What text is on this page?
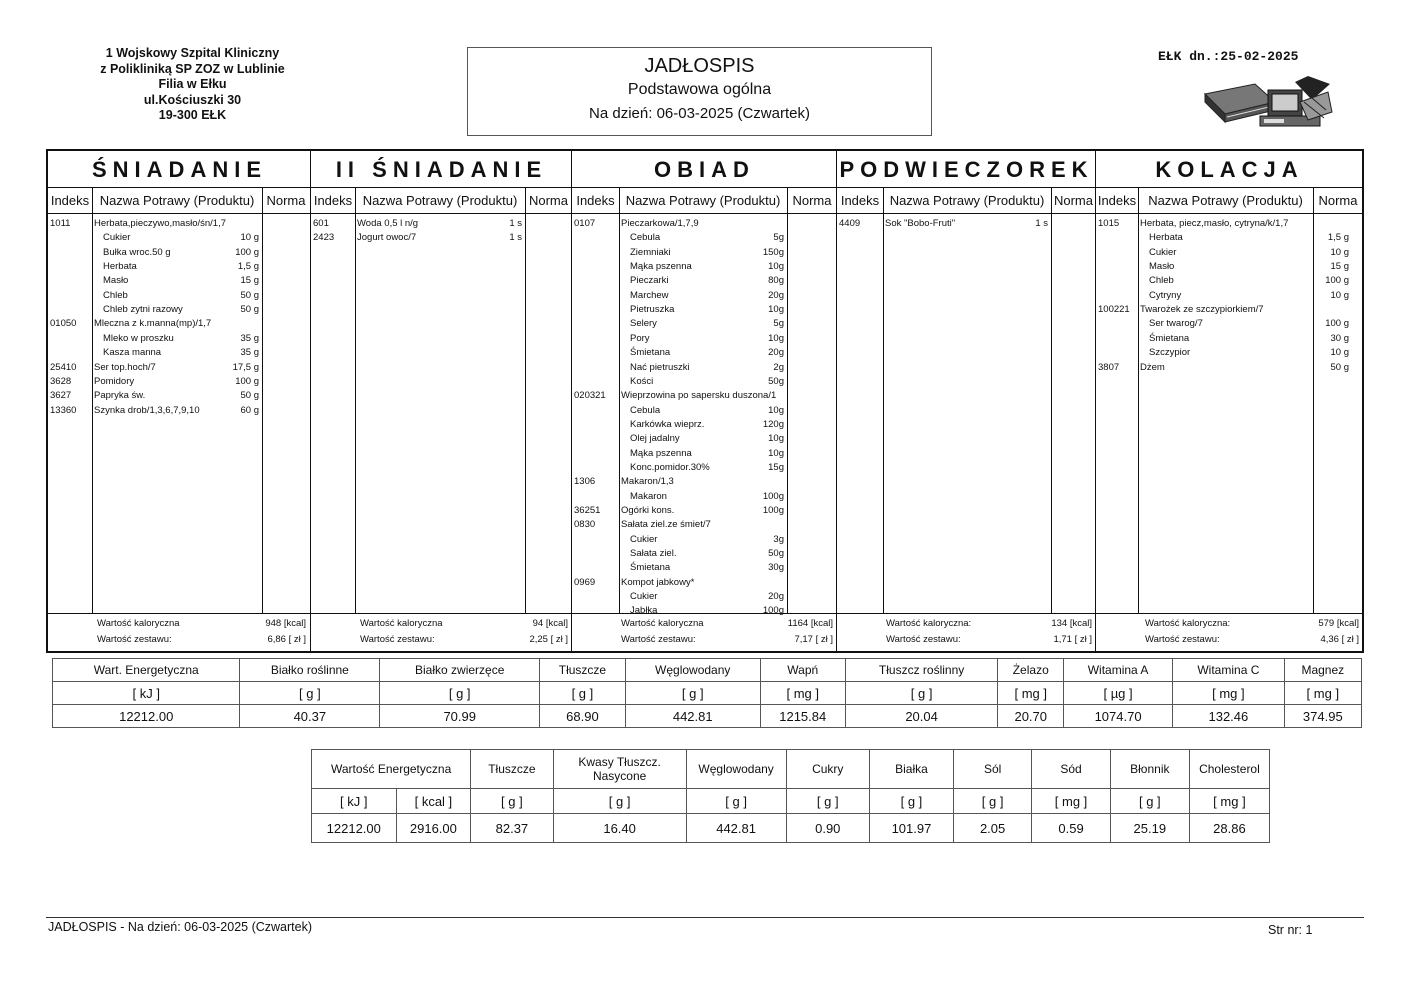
1 Wojskowy Szpital Kliniczny
z Polikliniką SP ZOZ w Lublinie
Filia w Ełku
ul.Kościuszki 30
19-300 EŁK
JADŁOSPIS
Podstawowa ogólna
Na dzień: 06-03-2025 (Czwartek)
EŁK dn.:25-02-2025
ŚNIADANIE
Indeks Nazwa Potrawy (Produktu) Norma
1011 Herbata,pieczywo,masło/śn/1,7
Cukier	10 g
Bułka wroc.50 g	100 g
Herbata	1,5 g
Masło	15 g
Chleb	50 g
Chleb zytni razowy	50 g
01050 Mleczna z k.manna(mp)/1,7
Mleko w proszku	35 g
Kasza manna	35 g
25410 Ser top.hoch/7	17,5 g
3628 Pomidory	100 g
3627 Papryka św.	50 g
13360 Szynka drob/1,3,6,7,9,10	60 g
Wartość kaloryczna	948 [kcal]
Wartość zestawu:	6,86 [ zł ]
II ŚNIADANIE
Indeks Nazwa Potrawy (Produktu) Norma
601	Woda 0,5 l n/g	1 s
2423 Jogurt owoc/7	1 s
Wartość kaloryczna	94 [kcal]
Wartość zestawu:	2,25 [ zł ]
OBIAD
Indeks Nazwa Potrawy (Produktu) Norma
0107	Pieczarkowa/1,7,9
Cebula	5g
Ziemniaki	150g
Mąka pszenna	10g
Pieczarki	80g
Marchew	20g
Pietruszka	10g
Selery	5g
Pory	10g
Śmietana	20g
Nać pietruszki	2g
Kości	50g
020321 Wieprzowina po sapersku duszona/1
Cebula	10g
Karkówka wieprz.	120g
Olej jadalny	10g
Mąka pszenna	10g
Konc.pomidor.30%	15g
1306	Makaron/1,3
Makaron	100g
36251 Ogórki kons.	100g
0830	Sałata ziel.ze śmiet/7
Cukier	3g
Sałata ziel.	50g
Śmietana	30g
0969	Kompot jabkowy*
Cukier	20g
Jabłka	100g
Wartość kaloryczna	1164 [kcal]
Wartość zestawu:	7,17 [ zł ]
PODWIECZOREK
Indeks Nazwa Potrawy (Produktu) Norma
4409	Sok "Bobo-Fruti"	1 s
Wartość kaloryczna:	134 [kcal]
Wartość zestawu:	1,71 [ zł ]
KOLACJA
Indeks Nazwa Potrawy (Produktu)	Norma
1015 Herbata, piecz,masło, cytryna/k/1,7
Herbata	1,5 g
Cukier	10 g
Masło	15 g
Chleb	100 g
Cytryny	10 g
100221 Twarożek ze szczypiorkiem/7
Ser twarog/7	100 g
Śmietana	30 g
Szczypior	10 g
3807 Dżem	50 g
Wartość kaloryczna:	579 [kcal]
Wartość zestawu:	4,36 [ zł ]
Wart. Energetyczna	Białko roślinne	Białko zwierzęce	Tłuszcze	Węglowodany	Wapń	Tłuszcz roślinny	Żelazo	Witamina A	Witamina C	Magnez
[ kJ ]	[ g ]	[ g ]	[ g ]	[ g ]	[ mg ]	[ g ]	[ mg ]	[ µg ]	[ mg ]	[ mg ]
12212.00	40.37	70.99	68.90	442.81	1215.84	20.04	20.70	1074.70	132.46	374.95
Wartość Energetyczna		Tłuszcze	Kwasy Tłuszcz. Nasycone	Węglowodany	Cukry	Białka	Sól	Sód	Błonnik	Cholesterol
[ kJ ]	[ kcal ]	[ g ]	[ g ]	[ g ]	[ g ]	[ g ]	[ g ]	[ mg ]	[ g ]	[ mg ]
12212.00	2916.00	82.37	16.40	442.81	0.90	101.97	2.05	0.59	25.19	28.86
JADŁOSPIS - Na dzień: 06-03-2025 (Czwartek)	Str nr: 1
